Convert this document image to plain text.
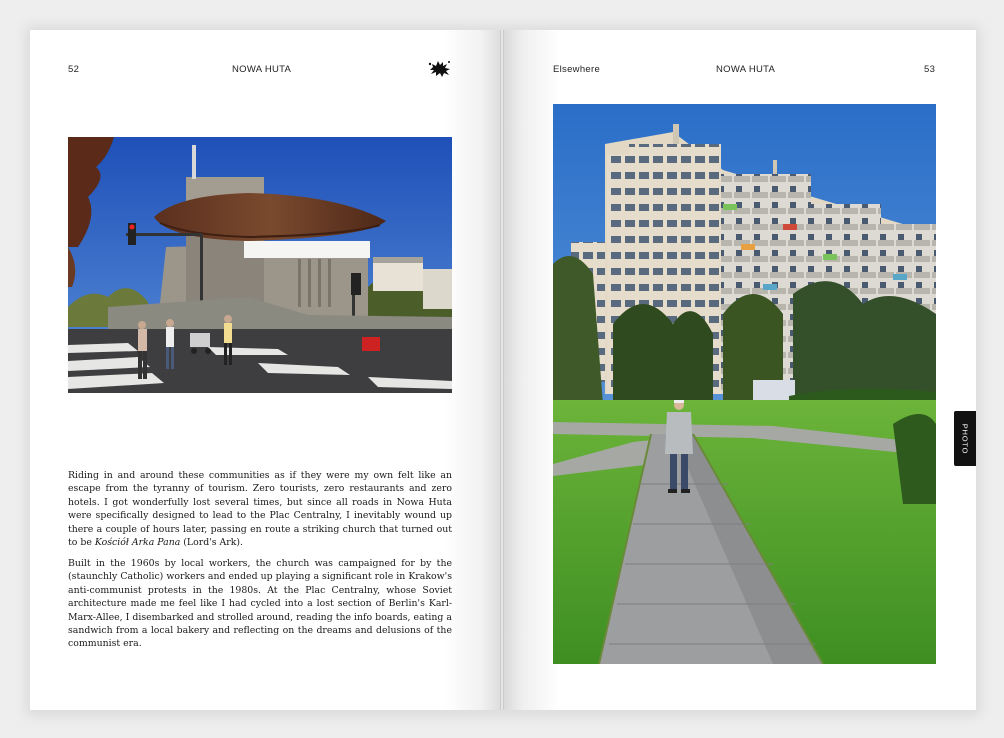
52	NOWA HUTA

Riding in and around these communities as if they were my own felt like an escape from the tyranny of tourism. Zero tourists, zero restaurants and zero hotels. I got wonderfully lost several times, but since all roads in Nowa Huta were specifically designed to lead to the Plac Centralny, I inevitably wound up there a couple of hours later, passing en route a striking church that turned out to be Kościół Arka Pana (Lord's Ark).

Built in the 1960s by local workers, the church was campaigned for by the (staunchly Catholic) workers and ended up playing a significant role in Krakow's anti-communist protests in the 1980s. At the Plac Centralny, whose Soviet architecture made me feel like I had cycled into a lost section of Berlin's Karl-Marx-Allee, I disembarked and strolled around, reading the info boards, eating a sandwich from a local bakery and reflecting on the dreams and delusions of the communist era.

Elsewhere	NOWA HUTA	53
PHOTO
